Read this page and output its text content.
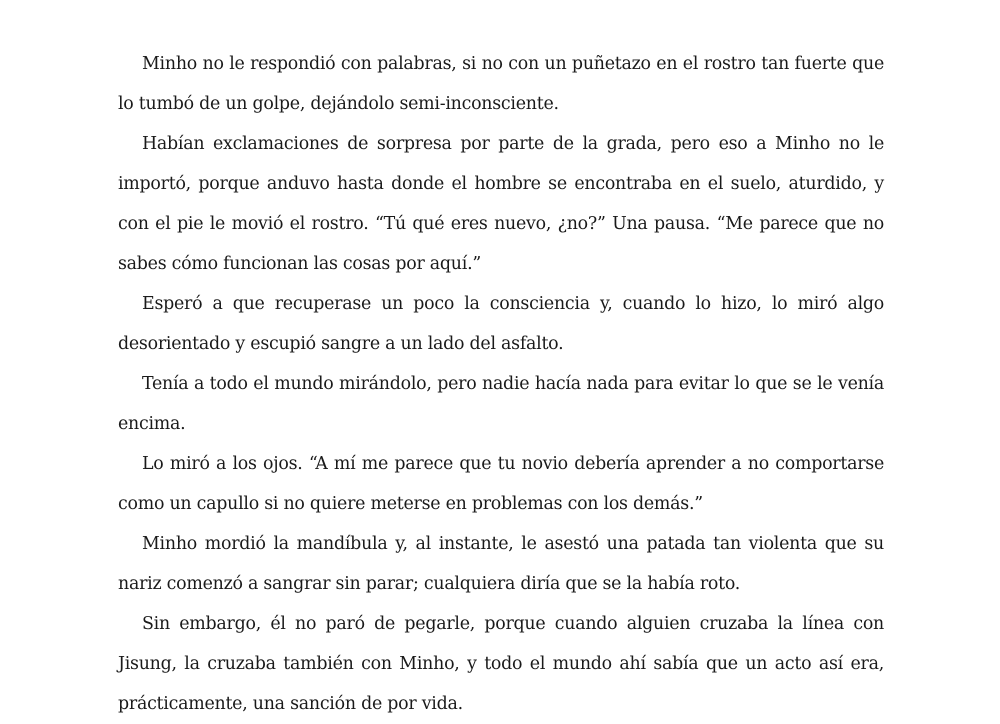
Minho no le respondió con palabras, si no con un puñetazo en el rostro tan fuerte que lo tumbó de un golpe, dejándolo semi-inconsciente.

Habían exclamaciones de sorpresa por parte de la grada, pero eso a Minho no le importó, porque anduvo hasta donde el hombre se encontraba en el suelo, aturdido, y con el pie le movió el rostro. “Tú qué eres nuevo, ¿no?” Una pausa. “Me parece que no sabes cómo funcionan las cosas por aquí.”

Esperó a que recuperase un poco la consciencia y, cuando lo hizo, lo miró algo desorientado y escupió sangre a un lado del asfalto.

Tenía a todo el mundo mirándolo, pero nadie hacía nada para evitar lo que se le venía encima.

Lo miró a los ojos. “A mí me parece que tu novio debería aprender a no comportarse como un capullo si no quiere meterse en problemas con los demás.”

Minho mordió la mandíbula y, al instante, le asestó una patada tan violenta que su nariz comenzó a sangrar sin parar; cualquiera diría que se la había roto.

Sin embargo, él no paró de pegarle, porque cuando alguien cruzaba la línea con Jisung, la cruzaba también con Minho, y todo el mundo ahí sabía que un acto así era, prácticamente, una sanción de por vida.
